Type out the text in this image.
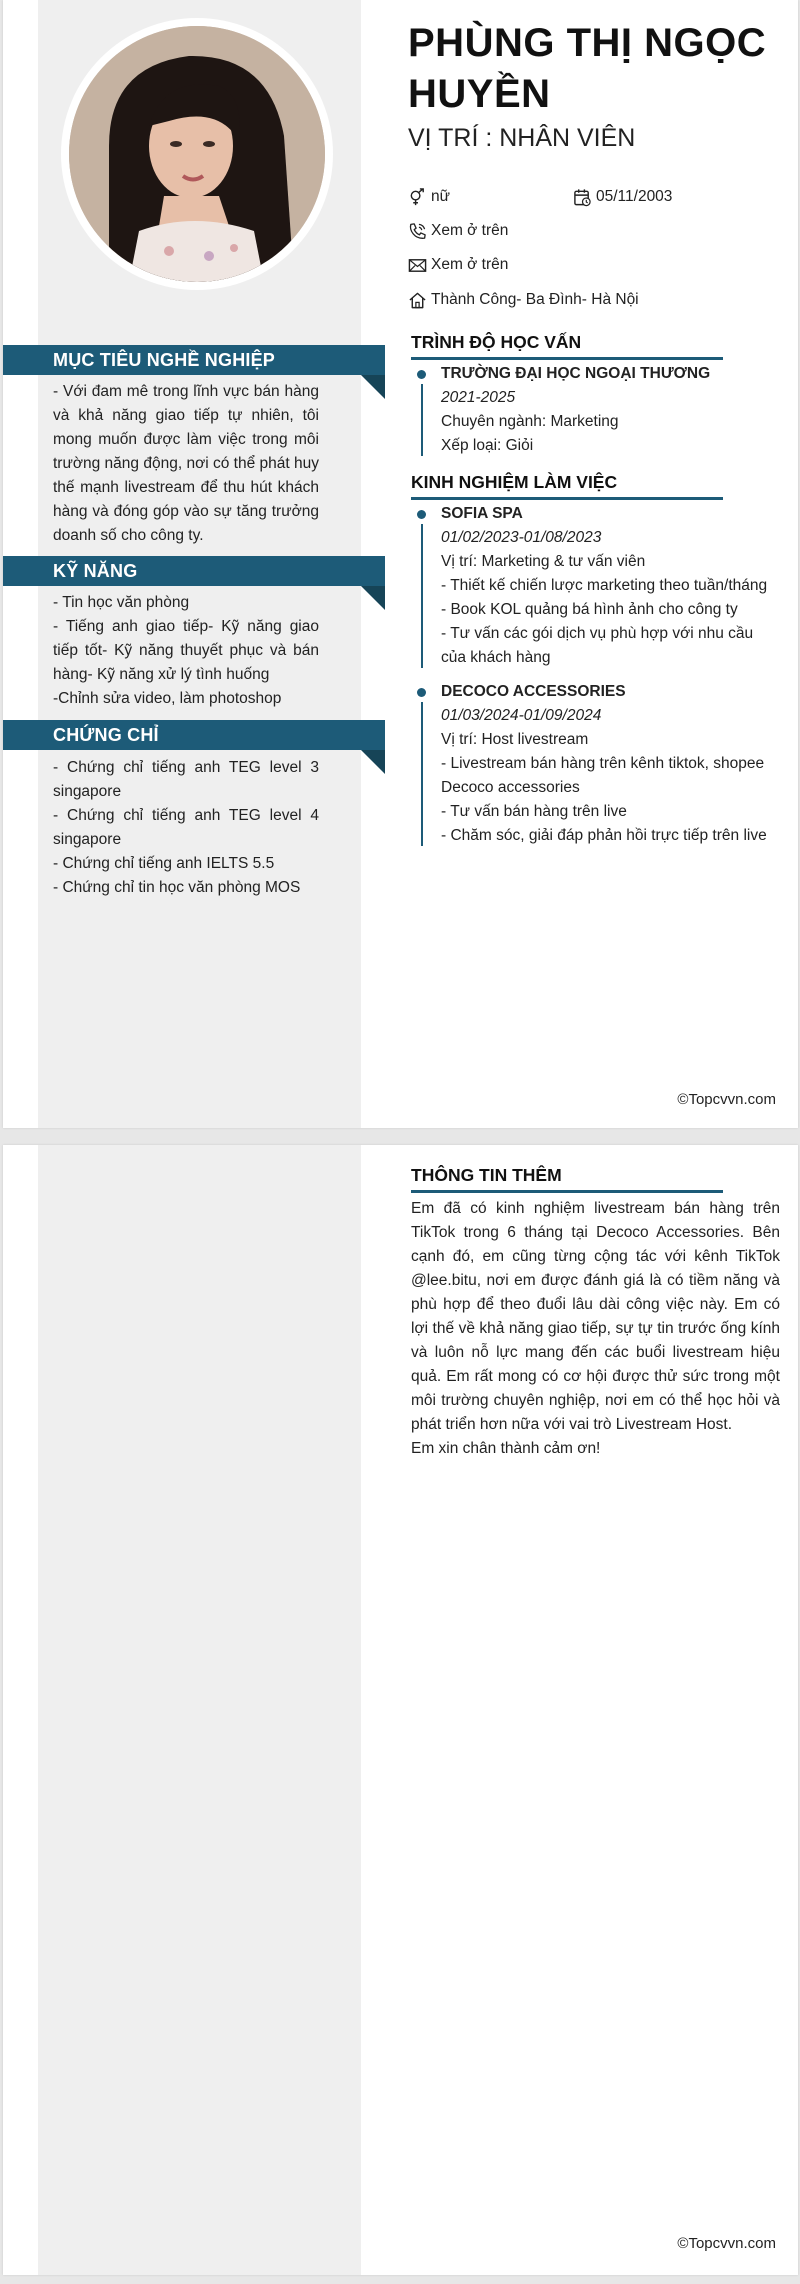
MỤC TIÊU NGHỀ NGHIỆP
- Với đam mê trong lĩnh vực bán hàng và khả năng giao tiếp tự nhiên, tôi mong muốn được làm việc trong môi trường năng động, nơi có thể phát huy thế mạnh livestream để thu hút khách hàng và đóng góp vào sự tăng trưởng doanh số cho công ty.
KỸ NĂNG
- Tin học văn phòng
- Tiếng anh giao tiếp- Kỹ năng giao tiếp tốt- Kỹ năng thuyết phục và bán hàng- Kỹ năng xử lý tình huống
-Chỉnh sửa video, làm photoshop
CHỨNG CHỈ
- Chứng chỉ tiếng anh TEG level 3 singapore
- Chứng chỉ tiếng anh TEG level 4 singapore
- Chứng chỉ tiếng anh IELTS 5.5
- Chứng chỉ tin học văn phòng MOS
PHÙNG THỊ NGỌC HUYỀN
VỊ TRÍ : NHÂN VIÊN
nữ	05/11/2003
Xem ở trên
Xem ở trên
Thành Công- Ba Đình- Hà Nội
TRÌNH ĐỘ HỌC VẤN
TRƯỜNG ĐẠI HỌC NGOẠI THƯƠNG
2021-2025
Chuyên ngành: Marketing
Xếp loại: Giỏi
KINH NGHIỆM LÀM VIỆC
SOFIA SPA
01/02/2023-01/08/2023
Vị trí: Marketing & tư vấn viên
- Thiết kế chiến lược marketing theo tuần/tháng
- Book KOL quảng bá hình ảnh cho công ty
- Tư vấn các gói dịch vụ phù hợp với nhu cầu của khách hàng
DECOCO ACCESSORIES
01/03/2024-01/09/2024
Vị trí: Host livestream
- Livestream bán hàng trên kênh tiktok, shopee Decoco accessories
- Tư vấn bán hàng trên live
- Chăm sóc, giải đáp phản hồi trực tiếp trên live
©Topcvvn.com
THÔNG TIN THÊM
Em đã có kinh nghiệm livestream bán hàng trên TikTok trong 6 tháng tại Decoco Accessories. Bên cạnh đó, em cũng từng cộng tác với kênh TikTok @lee.bitu, nơi em được đánh giá là có tiềm năng và phù hợp để theo đuổi lâu dài công việc này. Em có lợi thế về khả năng giao tiếp, sự tự tin trước ống kính và luôn nỗ lực mang đến các buổi livestream hiệu quả. Em rất mong có cơ hội được thử sức trong một môi trường chuyên nghiệp, nơi em có thể học hỏi và phát triển hơn nữa với vai trò Livestream Host.
Em xin chân thành cảm ơn!
©Topcvvn.com
